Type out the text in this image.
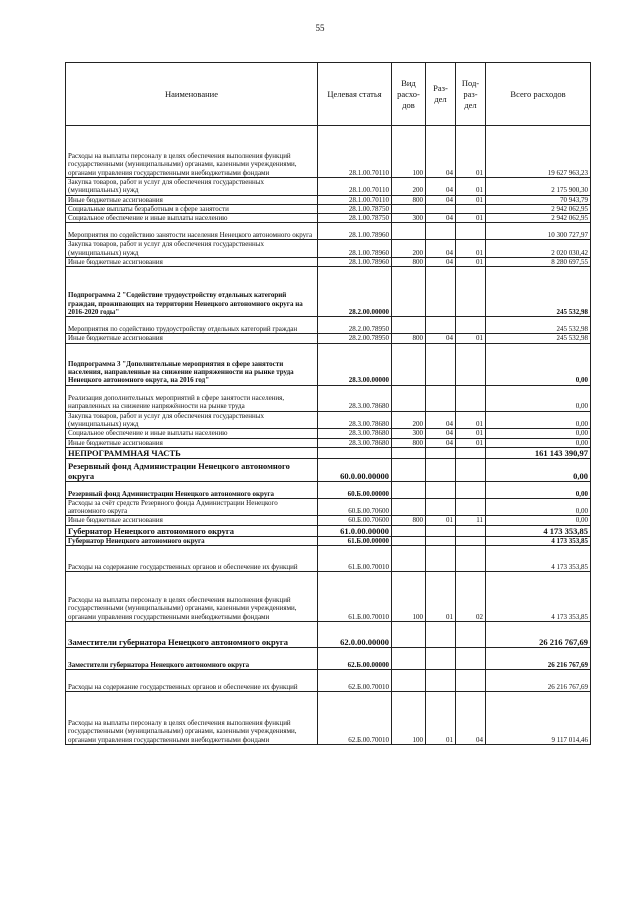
55
Наименование	Целевая статья	Вид расхо-дов	Раз-дел	Под-раз-дел	Всего расходов
Расходы на выплаты персоналу в целях обеспечения выполнения функций государственными (муниципальными) органами, казенными учреждениями, органами управления государственными внебюджетными фондами	28.1.00.70110	100	04	01	19 627 963,23
Закупка товаров, работ и услуг для обеспечения государственных (муниципальных) нужд	28.1.00.70110	200	04	01	2 175 900,30
Иные бюджетные ассигнования	28.1.00.70110	800	04	01	70 943,79
Социальные выплаты безработным в сфере занятости	28.1.00.78750				2 942 062,95
Социальное обеспечение и иные выплаты населению	28.1.00.78750	300	04	01	2 942 062,95
Мероприятия по содействию занятости населения Ненецкого автономного округа	28.1.00.78960				10 300 727,97
Закупка товаров, работ и услуг для обеспечения государственных (муниципальных) нужд	28.1.00.78960	200	04	01	2 020 030,42
Иные бюджетные ассигнования	28.1.00.78960	800	04	01	8 280 697,55
Подпрограмма 2 "Содействие трудоустройству отдельных категорий граждан, проживающих на территории Ненецкого автономного округа на 2016-2020 годы"	28.2.00.00000				245 532,98
Мероприятия по содействию трудоустройству отдельных категорий граждан	28.2.00.78950				245 532,98
Иные бюджетные ассигнования	28.2.00.78950	800	04	01	245 532,98
Подпрограмма 3 "Дополнительные мероприятия в сфере занятости населения, направленные на снижение напряженности на рынке труда Ненецкого автономного округа, на 2016 год"	28.3.00.00000				0,00
Реализация дополнительных мероприятий в сфере занятости населения, направленных на снижение напряжённости на рынке труда	28.3.00.78680				0,00
Закупка товаров, работ и услуг для обеспечения государственных (муниципальных) нужд	28.3.00.78680	200	04	01	0,00
Социальное обеспечение и иные выплаты населению	28.3.00.78680	300	04	01	0,00
Иные бюджетные ассигнования	28.3.00.78680	800	04	01	0,00
НЕПРОГРАММНАЯ ЧАСТЬ					161 143 390,97
Резервный фонд Администрации Ненецкого автономного округа	60.0.00.00000				0,00
Резервный фонд Администрации Ненецкого автономного округа	60.Б.00.00000				0,00
Расходы за счёт средств Резервного фонда Администрации Ненецкого автономного округа	60.Б.00.70600				0,00
Иные бюджетные ассигнования	60.Б.00.70600	800	01	11	0,00
Губернатор Ненецкого автономного округа	61.0.00.00000				4 173 353,85
Губернатор Ненецкого автономного округа	61.Б.00.00000				4 173 353,85
Расходы на содержание государственных органов и обеспечение их функций	61.Б.00.70010				4 173 353,85
Расходы на выплаты персоналу в целях обеспечения выполнения функций государственными (муниципальными) органами, казенными учреждениями, органами управления государственными внебюджетными фондами	61.Б.00.70010	100	01	02	4 173 353,85
Заместители губернатора Ненецкого автономного округа	62.0.00.00000				26 216 767,69
Заместители губернатора Ненецкого автономного округа	62.Б.00.00000				26 216 767,69
Расходы на содержание государственных органов и обеспечение их функций	62.Б.00.70010				26 216 767,69
Расходы на выплаты персоналу в целях обеспечения выполнения функций государственными (муниципальными) органами, казенными учреждениями, органами управления государственными внебюджетными фондами	62.Б.00.70010	100	01	04	9 117 014,46
